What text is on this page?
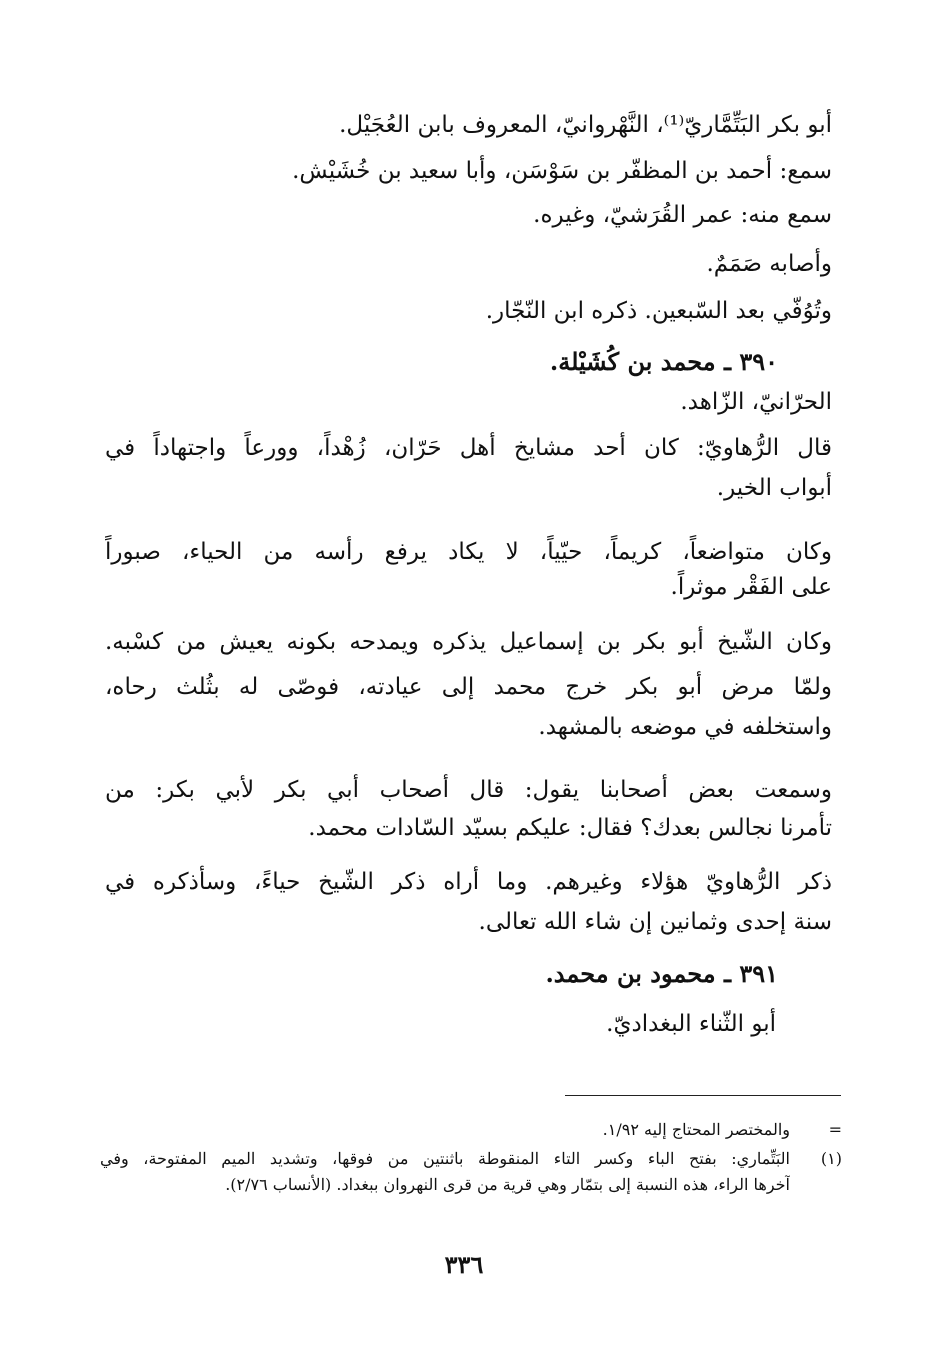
أبو بكر البَتِّمَّاريّ⁽¹⁾، النَّهْروانيّ، المعروف بابن العُجَيْل.
سمع: أحمد بن المظفّر بن سَوْسَن، وأبا سعيد بن خُشَيْش.
سمع منه: عمر القُرَشيّ، وغيره.
وأصابه صَمَمٌ.
وتُوُفّي بعد السّبعين. ذكره ابن النّجّار.
٣٩٠ ـ محمد بن كُشَيْلة.
الحرّانيّ، الزّاهد.
قال الرُّهاويّ: كان أحد مشايخ أهل حَرّان، زُهْداً، وورعاً واجتهاداً في
أبواب الخير.
وكان متواضعاً، كريماً، حيّياً، لا يكاد يرفع رأسه من الحياء، صبوراً
على الفَقْر موثراً.
وكان الشّيخ أبو بكر بن إسماعيل يذكره ويمدحه بكونه يعيش من كسْبه.
ولمّا مرض أبو بكر خرج محمد إلى عيادته، فوصّى له بثُلث رحاه،
واستخلفه في موضعه بالمشهد.
وسمعت بعض أصحابنا يقول: قال أصحاب أبي بكر لأبي بكر: من
تأمرنا نجالس بعدك؟ فقال: عليكم بسيّد السّادات محمد.
ذكر الرُّهاويّ هؤلاء وغيرهم. وما أراه ذكر الشّيخ حياءً، وسأذكره في
سنة إحدى وثمانين إن شاء الله تعالى.
٣٩١ ـ محمود بن محمد.
أبو الثّناء البغداديّ.
=
والمختصر المحتاج إليه ١/٩٢.
(١)
البَتِّماري: بفتح الباء وكسر التاء المنقوطة باثنتين من فوقها، وتشديد الميم المفتوحة، وفي
آخرها الراء، هذه النسبة إلى بتمّار وهي قرية من قرى النهروان ببغداد. (الأنساب ٢/٧٦).
٣٣٦
